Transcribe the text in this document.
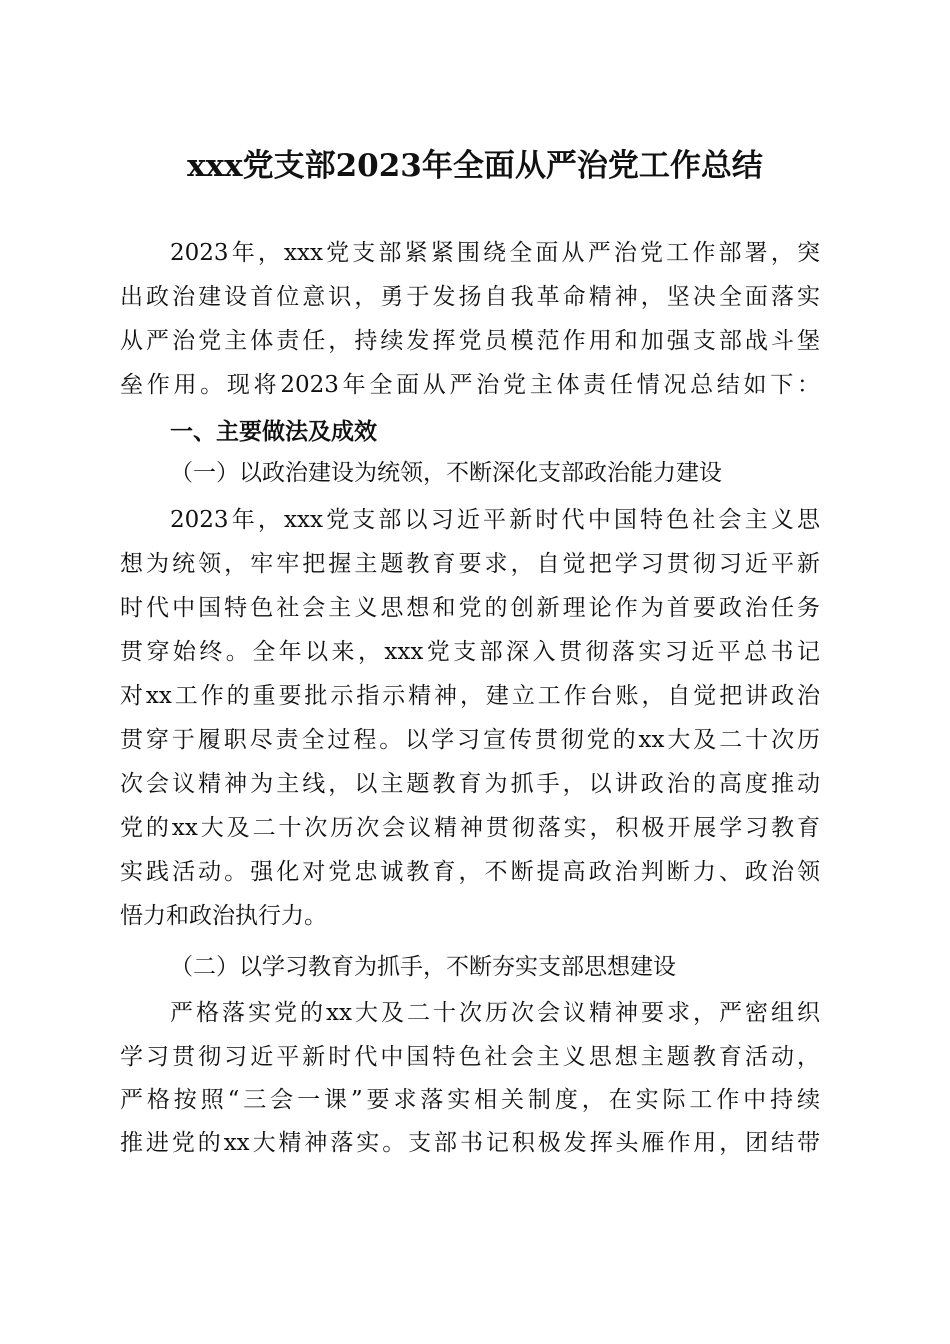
xxx党支部2023年全面从严治党工作总结
2023年，xxx党支部紧紧围绕全面从严治党工作部署，突
出政治建设首位意识，勇于发扬自我革命精神，坚决全面落实
从严治党主体责任，持续发挥党员模范作用和加强支部战斗堡
垒作用。现将2023年全面从严治党主体责任情况总结如下：
一、主要做法及成效
（一）以政治建设为统领，不断深化支部政治能力建设
2023年，xxx党支部以习近平新时代中国特色社会主义思
想为统领，牢牢把握主题教育要求，自觉把学习贯彻习近平新
时代中国特色社会主义思想和党的创新理论作为首要政治任务
贯穿始终。全年以来，xxx党支部深入贯彻落实习近平总书记
对xx工作的重要批示指示精神，建立工作台账，自觉把讲政治
贯穿于履职尽责全过程。以学习宣传贯彻党的xx大及二十次历
次会议精神为主线，以主题教育为抓手，以讲政治的高度推动
党的xx大及二十次历次会议精神贯彻落实，积极开展学习教育
实践活动。强化对党忠诚教育，不断提高政治判断力、政治领
悟力和政治执行力。
（二）以学习教育为抓手，不断夯实支部思想建设
严格落实党的xx大及二十次历次会议精神要求，严密组织
学习贯彻习近平新时代中国特色社会主义思想主题教育活动，
严格按照“三会一课”要求落实相关制度，在实际工作中持续
推进党的xx大精神落实。支部书记积极发挥头雁作用，团结带
